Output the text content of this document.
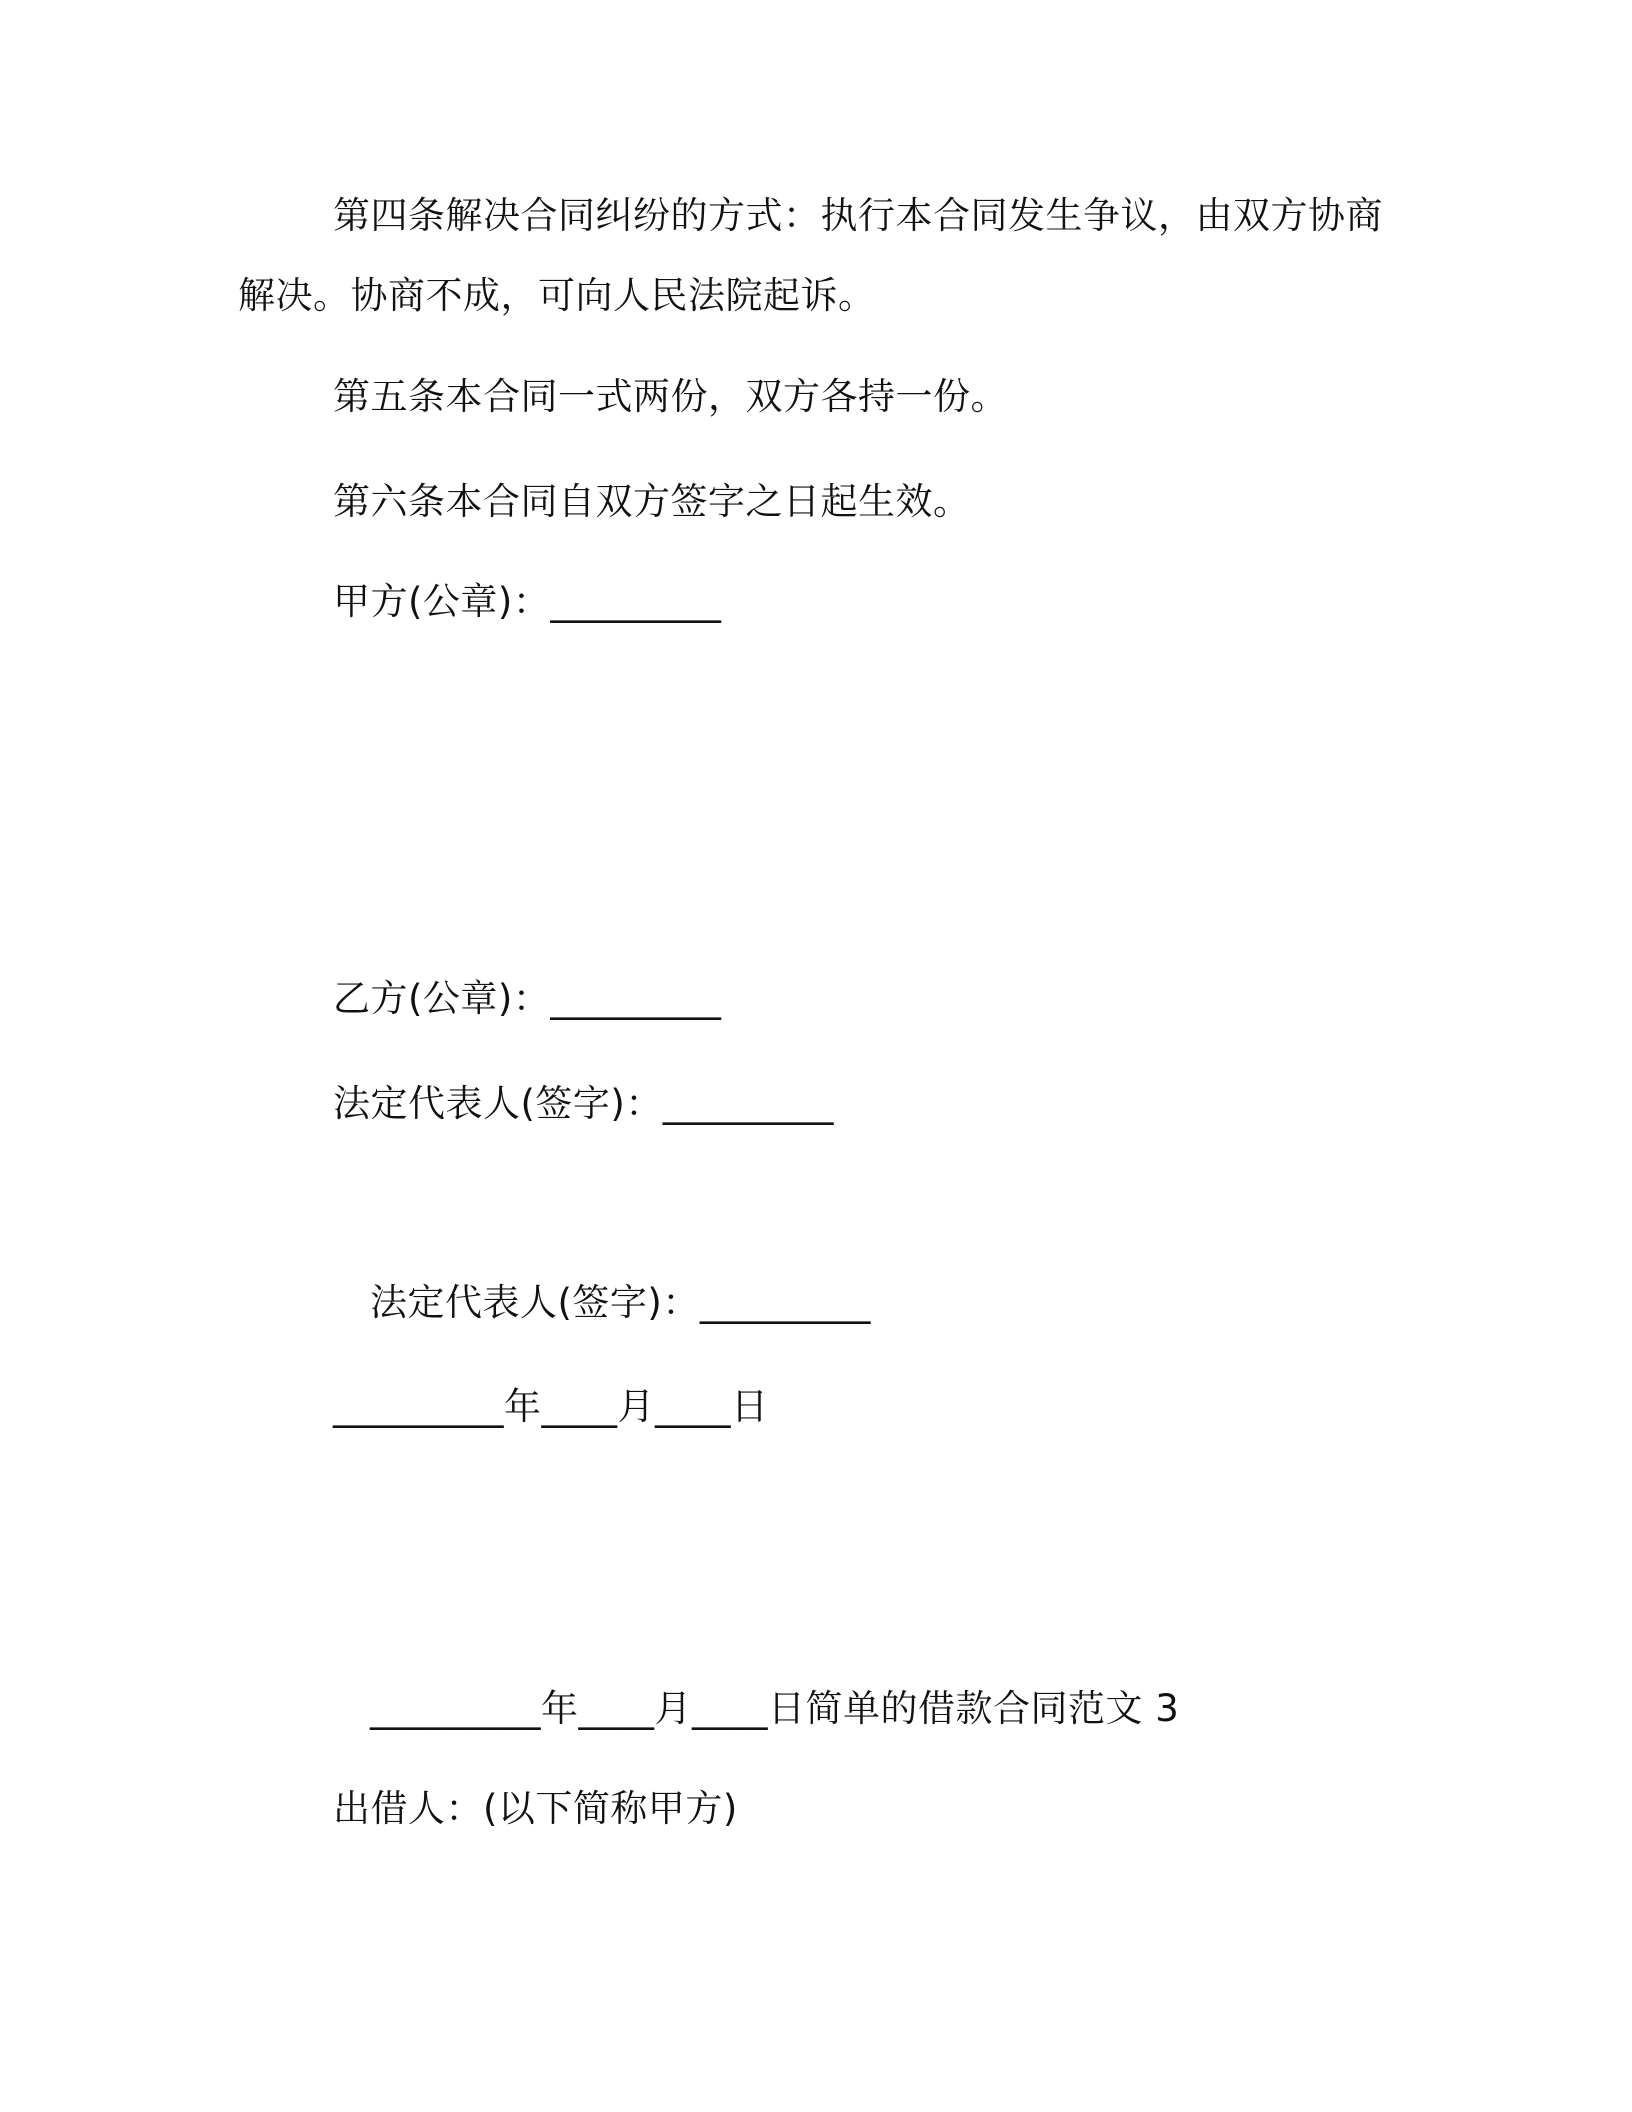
第四条解决合同纠纷的方式：执行本合同发生争议，由双方协商
解决。协商不成，可向人民法院起诉。
第五条本合同一式两份，双方各持一份。
第六条本合同自双方签字之日起生效。
甲方(公章)：_________
乙方(公章)：_________
法定代表人(签字)：_________
法定代表人(签字)：_________
_________年____月____日
_________年____月____日简单的借款合同范文 3
出借人：(以下简称甲方)
